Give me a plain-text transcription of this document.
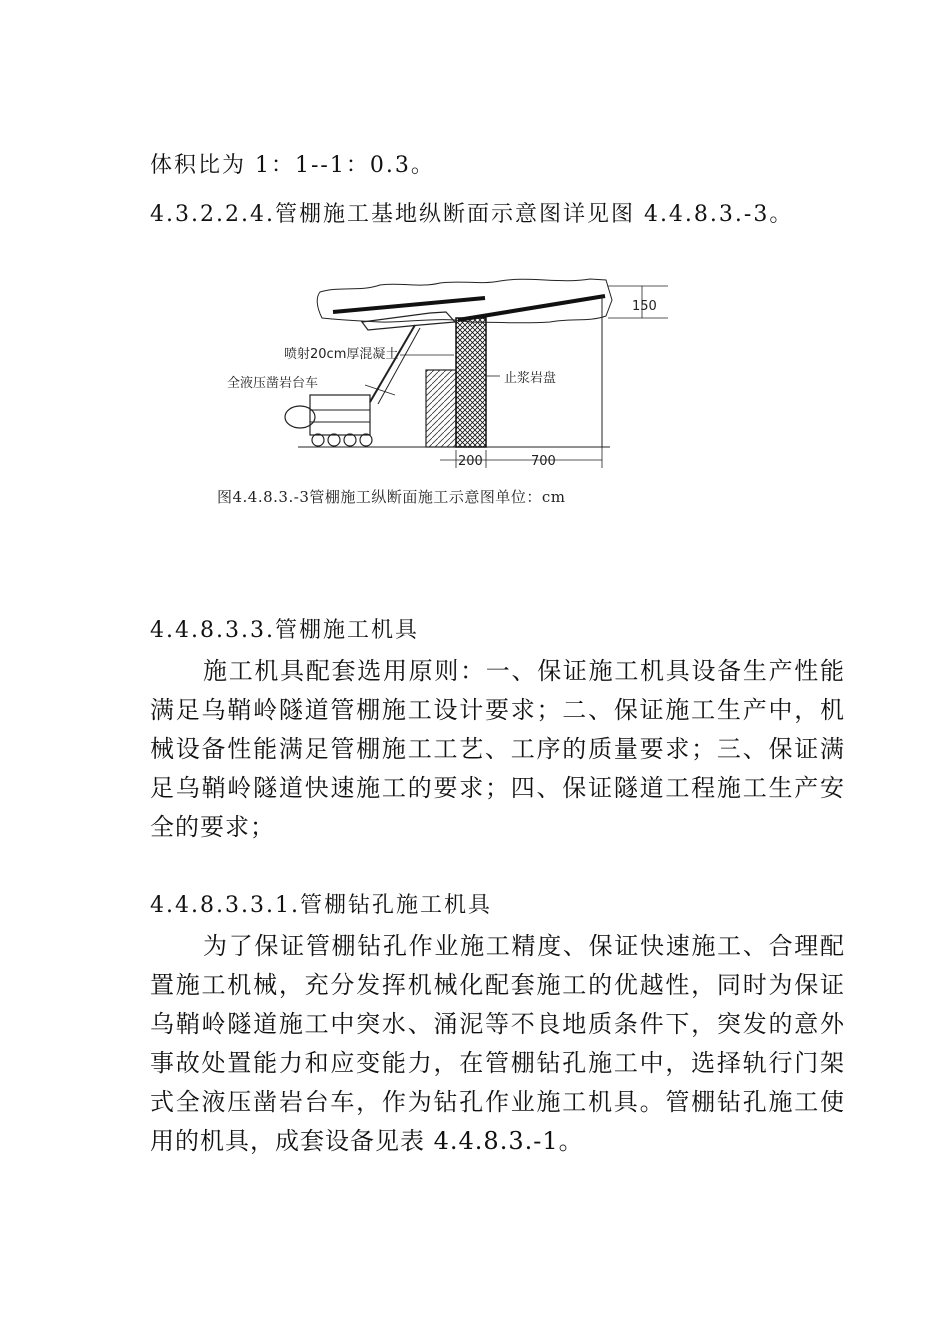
体积比为 1：1--1：0.3。
4.3.2.2.4.管棚施工基地纵断面示意图详见图 4.4.8.3.-3。
150
喷射20cm厚混凝土
全液压凿岩台车	止浆岩盘
200	700
图4.4.8.3.-3管棚施工纵断面施工示意图单位：cm
4.4.8.3.3.管棚施工机具
施工机具配套选用原则：一、保证施工机具设备生产性能满足乌鞘岭隧道管棚施工设计要求；二、保证施工生产中，机械设备性能满足管棚施工工艺、工序的质量要求；三、保证满足乌鞘岭隧道快速施工的要求；四、保证隧道工程施工生产安全的要求；
4.4.8.3.3.1.管棚钻孔施工机具
为了保证管棚钻孔作业施工精度、保证快速施工、合理配置施工机械，充分发挥机械化配套施工的优越性，同时为保证乌鞘岭隧道施工中突水、涌泥等不良地质条件下，突发的意外事故处置能力和应变能力，在管棚钻孔施工中，选择轨行门架式全液压凿岩台车，作为钻孔作业施工机具。管棚钻孔施工使用的机具，成套设备见表 4.4.8.3.-1。
